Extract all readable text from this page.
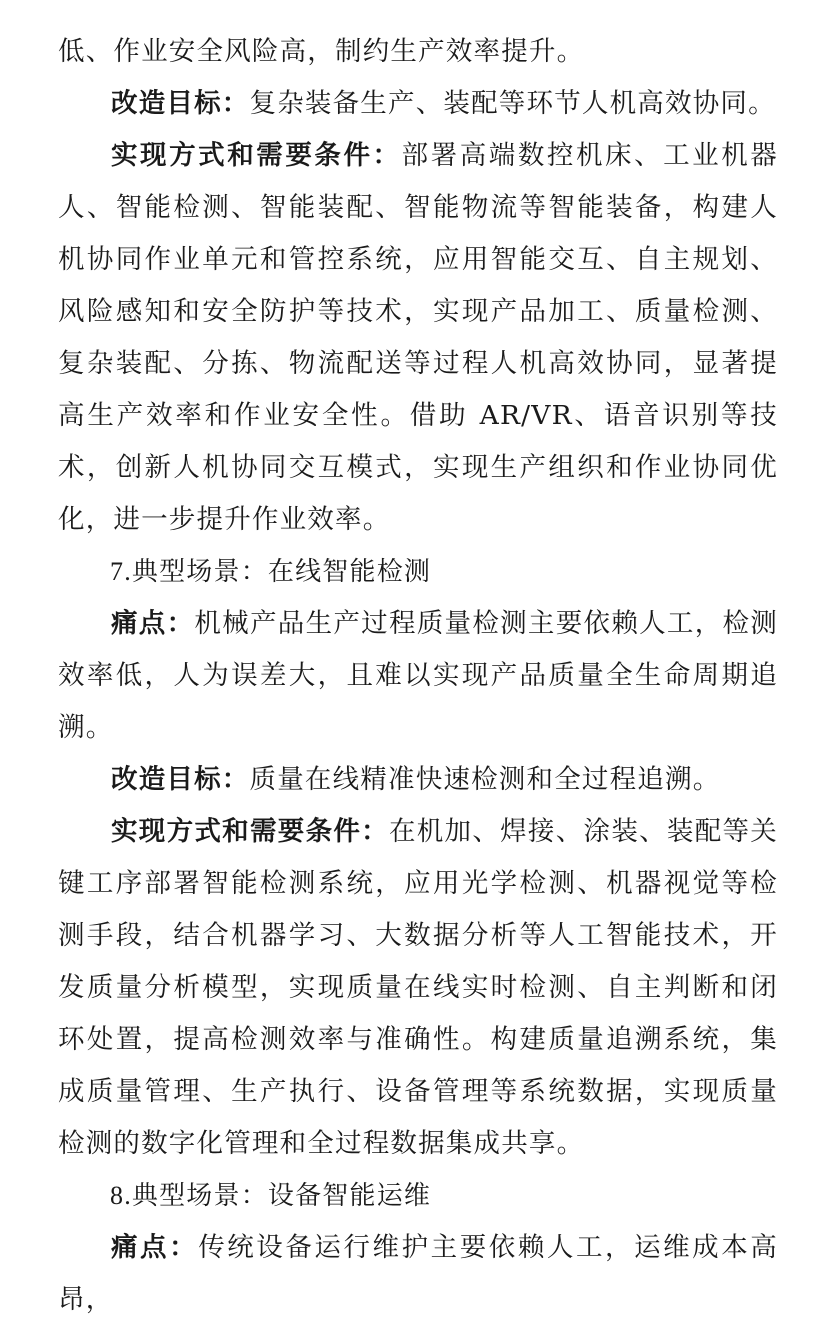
低、作业安全风险高，制约生产效率提升。

改造目标：复杂装备生产、装配等环节人机高效协同。

实现方式和需要条件：部署高端数控机床、工业机器人、智能检测、智能装配、智能物流等智能装备，构建人机协同作业单元和管控系统，应用智能交互、自主规划、风险感知和安全防护等技术，实现产品加工、质量检测、复杂装配、分拣、物流配送等过程人机高效协同，显著提高生产效率和作业安全性。借助 AR/VR、语音识别等技术，创新人机协同交互模式，实现生产组织和作业协同优化，进一步提升作业效率。

7.典型场景：在线智能检测

痛点：机械产品生产过程质量检测主要依赖人工，检测效率低，人为误差大，且难以实现产品质量全生命周期追溯。

改造目标：质量在线精准快速检测和全过程追溯。

实现方式和需要条件：在机加、焊接、涂装、装配等关键工序部署智能检测系统，应用光学检测、机器视觉等检测手段，结合机器学习、大数据分析等人工智能技术，开发质量分析模型，实现质量在线实时检测、自主判断和闭环处置，提高检测效率与准确性。构建质量追溯系统，集成质量管理、生产执行、设备管理等系统数据，实现质量检测的数字化管理和全过程数据集成共享。

8.典型场景：设备智能运维

痛点：传统设备运行维护主要依赖人工，运维成本高昂，
